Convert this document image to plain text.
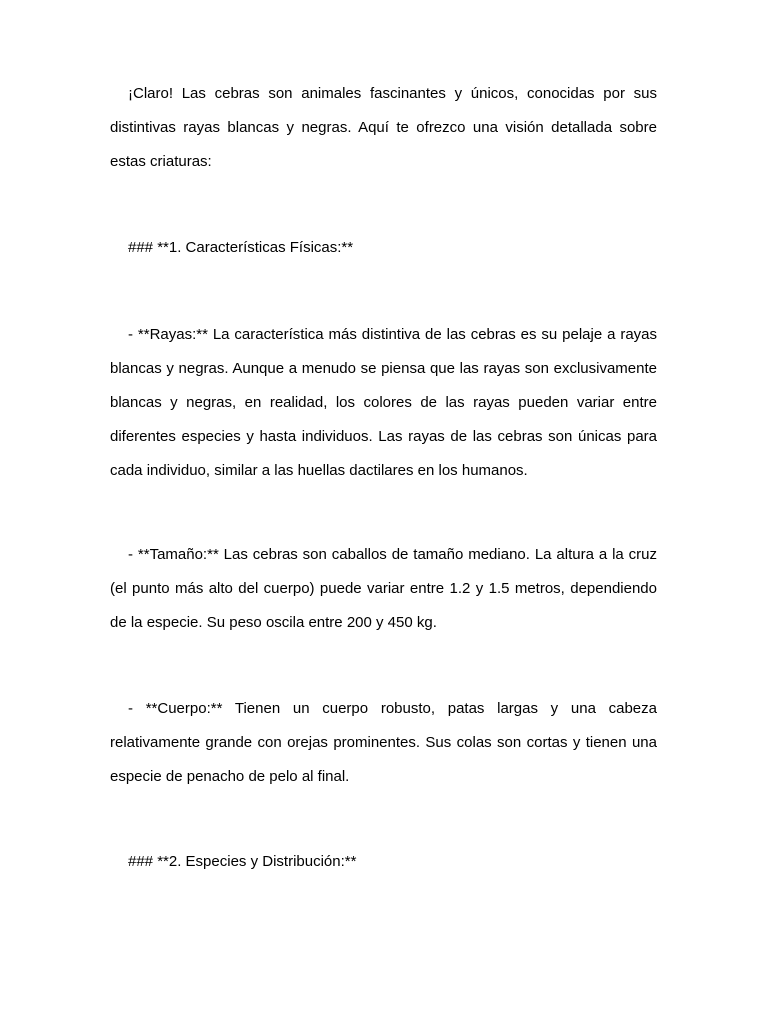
¡Claro! Las cebras son animales fascinantes y únicos, conocidas por sus distintivas rayas blancas y negras. Aquí te ofrezco una visión detallada sobre estas criaturas:

### **1. Características Físicas:**

- **Rayas:** La característica más distintiva de las cebras es su pelaje a rayas blancas y negras. Aunque a menudo se piensa que las rayas son exclusivamente blancas y negras, en realidad, los colores de las rayas pueden variar entre diferentes especies y hasta individuos. Las rayas de las cebras son únicas para cada individuo, similar a las huellas dactilares en los humanos.

- **Tamaño:** Las cebras son caballos de tamaño mediano. La altura a la cruz (el punto más alto del cuerpo) puede variar entre 1.2 y 1.5 metros, dependiendo de la especie. Su peso oscila entre 200 y 450 kg.

- **Cuerpo:** Tienen un cuerpo robusto, patas largas y una cabeza relativamente grande con orejas prominentes. Sus colas son cortas y tienen una especie de penacho de pelo al final.

### **2. Especies y Distribución:**
